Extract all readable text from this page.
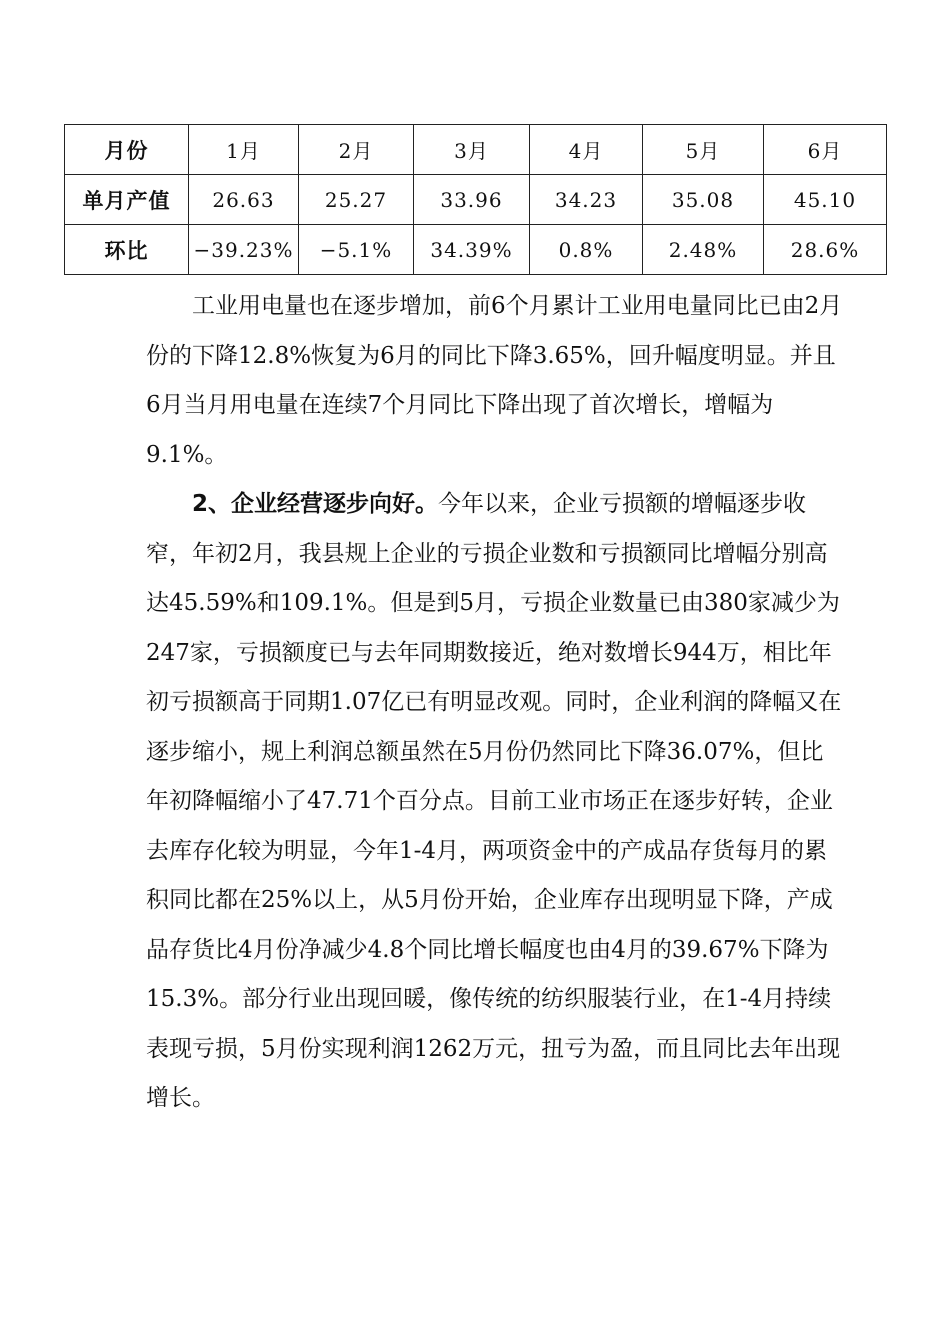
月份	1月	2月	3月	4月	5月	6月
单月产值	26.63	25.27	33.96	34.23	35.08	45.10
环比	−39.23%	−5.1%	34.39%	0.8%	2.48%	28.6%

工业用电量也在逐步增加，前6个月累计工业用电量同比已由2月份的下降12.8%恢复为6月的同比下降3.65%，回升幅度明显。并且6月当月用电量在连续7个月同比下降出现了首次增长，增幅为9.1%。

2、企业经营逐步向好。今年以来，企业亏损额的增幅逐步收窄，年初2月，我县规上企业的亏损企业数和亏损额同比增幅分别高达45.59%和109.1%。但是到5月，亏损企业数量已由380家减少为247家，亏损额度已与去年同期数接近，绝对数增长944万，相比年初亏损额高于同期1.07亿已有明显改观。同时，企业利润的降幅又在逐步缩小，规上利润总额虽然在5月份仍然同比下降36.07%，但比年初降幅缩小了47.71个百分点。目前工业市场正在逐步好转，企业去库存化较为明显，今年1-4月，两项资金中的产成品存货每月的累积同比都在25%以上，从5月份开始，企业库存出现明显下降，产成品存货比4月份净减少4.8个同比增长幅度也由4月的39.67%下降为15.3%。部分行业出现回暖，像传统的纺织服装行业，在1-4月持续表现亏损，5月份实现利润1262万元，扭亏为盈，而且同比去年出现增长。
